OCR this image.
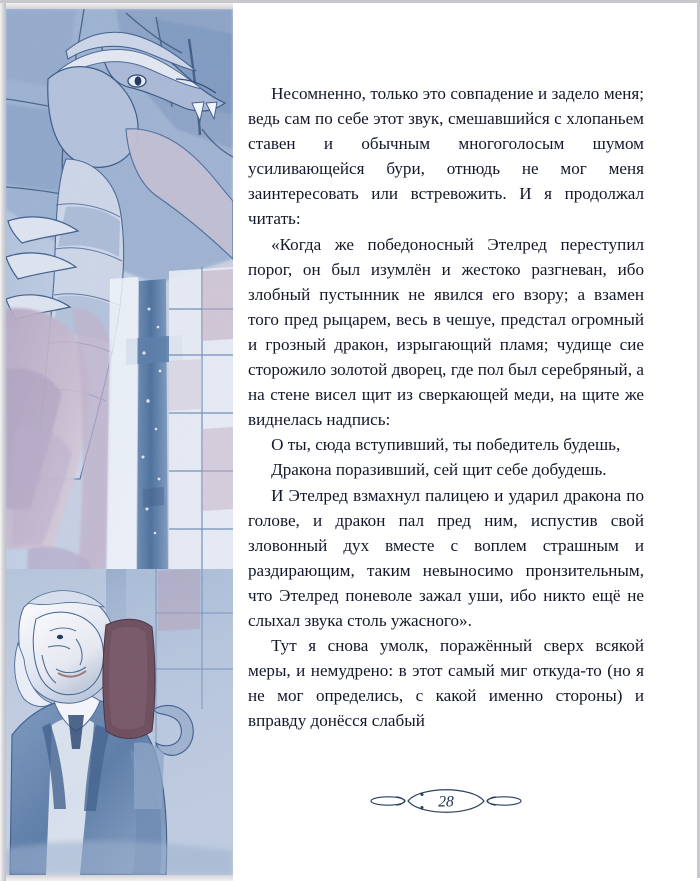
Несомненно, только это совпадение и задело меня; ведь сам по себе этот звук, смешавшийся с хлопаньем ставен и обычным многоголосым шумом усиливающейся бури, отнюдь не мог меня заинтересовать или встревожить. И я продолжал читать:

«Когда же победоносный Этелред переступил порог, он был изумлён и жестоко разгневан, ибо злобный пустынник не явился его взору; а взамен того пред рыцарем, весь в чешуе, предстал огромный и грозный дракон, изрыгающий пламя; чудище сие сторожило золотой дворец, где пол был серебряный, а на стене висел щит из сверкающей меди, на щите же виднелась надпись:

О ты, сюда вступивший, ты победитель будешь,

Дракона поразивший, сей щит себе добудешь.

И Этелред взмахнул палицею и ударил дракона по голове, и дракон пал пред ним, испустив свой зловонный дух вместе с воплем страшным и раздирающим, таким невыносимо пронзительным, что Этелред поневоле зажал уши, ибо никто ещё не слыхал звука столь ужасного».

Тут я снова умолк, поражённый сверх всякой меры, и немудрено: в этот самый миг откуда-то (но я не мог определись, с какой именно стороны) и вправду донёсся слабый

28
